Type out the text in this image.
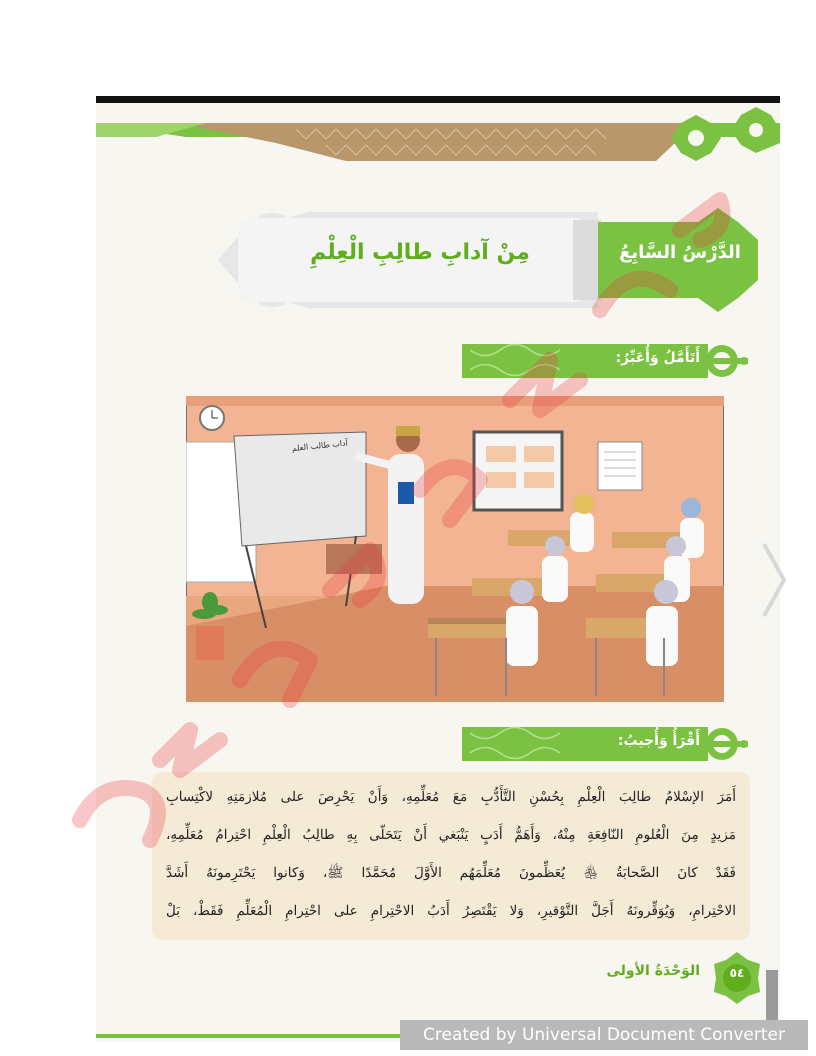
مِنْ آدابِ طالِبِ الْعِلْمِ	الدَّرْسُ السَّابِعُ
أَتَأَمَّلُ وَأُعَبِّرُ:
آداب طالب العلم
أَقْرَأُ وَأُجيبُ:
أَمَرَ الإسْلامُ طالِبَ الْعِلْمِ بِحُسْنِ التَّأَدُّبِ مَعَ مُعَلِّمِهِ، وَأَنْ يَحْرِصَ على مُلازمَتِهِ لاكْتِسابِ
مَزيدٍ مِنَ الْعُلومِ النّافِعَةِ مِنْهُ، وَأَهَمُّ أَدَبٍ يَنْبَغي أَنْ يَتَحَلّى بِهِ طالِبُ الْعِلْمِ احْتِرامُ مُعَلِّمِهِ،
فَقَدْ كانَ الصَّحابَةُ ﵃ يُعَظِّمونَ مُعَلِّمَهُم الأَوَّلَ مُحَمَّدًا ﷺ، وَكانوا يَحْتَرِمونَهُ أَشَدَّ
الاحْتِرامِ، وَيُوَقِّرونَهُ أَجَلَّ التَّوْقيرِ، وَلا يَقْتَصِرُ أَدَبُ الاحْتِرامِ على احْتِرامِ الْمُعَلِّمِ فَقَطْ، بَلْ
الوَحْدَةُ الأولى	٥٤
Created by Universal Document Converter
